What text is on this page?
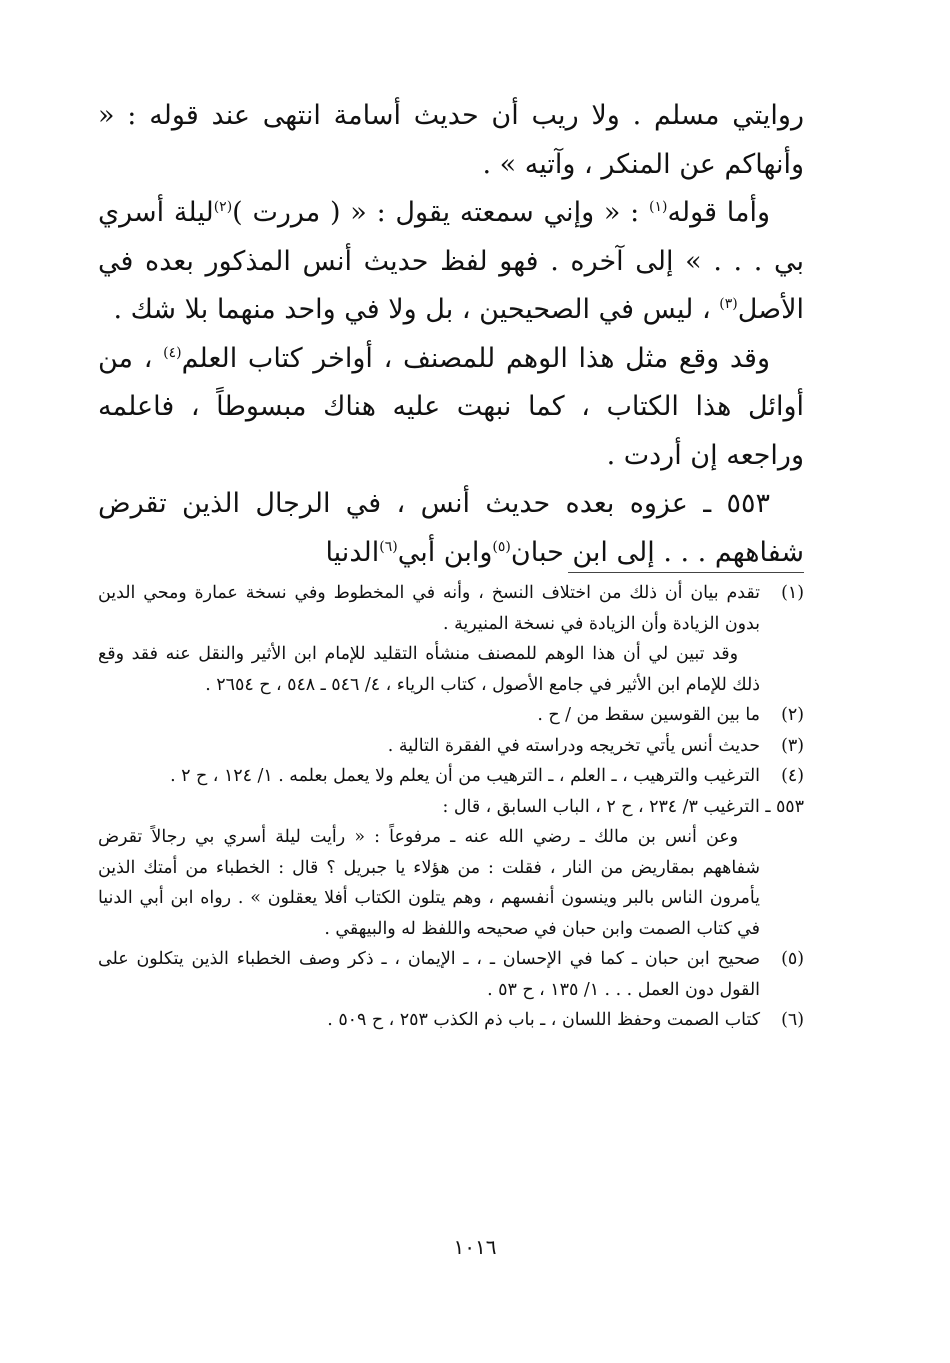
روايتي مسلم . ولا ريب أن حديث أسامة انتهى عند قوله : « وأنهاكم عن المنكر ، وآتيه » .

وأما قوله$^{(١)}$ : « وإني سمعته يقول : « ( مررت )$^{(٢)}$ليلة أسري بي . . . » إلى آخره . فهو لفظ حديث أنس المذكور بعده في الأصل$^{(٣)}$ ، ليس في الصحيحين ، بل ولا في واحد منهما بلا شك .

وقد وقع مثل هذا الوهم للمصنف ، أواخر كتاب العلم$^{(٤)}$ ، من أوائل هذا الكتاب ، كما نبهت عليه هناك مبسوطاً ، فاعلمه وراجعه إن أردت .

٥٥٣ ـ عزوه بعده حديث أنس ، في الرجال الذين تقرض شفاههم . . . إلى ابن حبان$^{(٥)}$وابن أبي$^{(٦)}$الدنيا

(١)

تقدم بيان أن ذلك من اختلاف النسخ ، وأنه في المخطوط وفي نسخة عمارة ومحي الدين بدون الزيادة وأن الزيادة في نسخة المنيرية .

وقد تبين لي أن هذا الوهم للمصنف منشأه التقليد للإمام ابن الأثير والنقل عنه فقد وقع ذلك للإمام ابن الأثير في جامع الأصول ، كتاب الرياء ، ٤/ ٥٤٦ ـ ٥٤٨ ، ح ٢٦٥٤ .

(٢)

ما بين القوسين سقط من / ح .

(٣)

حديث أنس يأتي تخريجه ودراسته في الفقرة التالية .

(٤)

الترغيب والترهيب ، ـ العلم ، ـ الترهيب من أن يعلم ولا يعمل بعلمه . ١/ ١٢٤ ، ح ٢ .

٥٥٣ ـ الترغيب ٣/ ٢٣٤ ، ح ٢ ، الباب السابق ، قال :

وعن أنس بن مالك ـ رضي الله عنه ـ مرفوعاً : « رأيت ليلة أسري بي رجالاً تقرض شفاههم بمقاريض من النار ، فقلت : من هؤلاء يا جبريل ؟ قال : الخطباء من أمتك الذين يأمرون الناس بالبر وينسون أنفسهم ، وهم يتلون الكتاب أفلا يعقلون » . رواه ابن أبي الدنيا في كتاب الصمت وابن حبان في صحيحه واللفظ له والبيهقي .

(٥)

صحيح ابن حبان ـ كما في الإحسان ـ ، ـ الإيمان ، ـ ذكر وصف الخطباء الذين يتكلون على القول دون العمل . . . ١/ ١٣٥ ، ح ٥٣ .

(٦)

كتاب الصمت وحفظ اللسان ، ـ باب ذم الكذب ٢٥٣ ، ح ٥٠٩ .

١٠١٦
